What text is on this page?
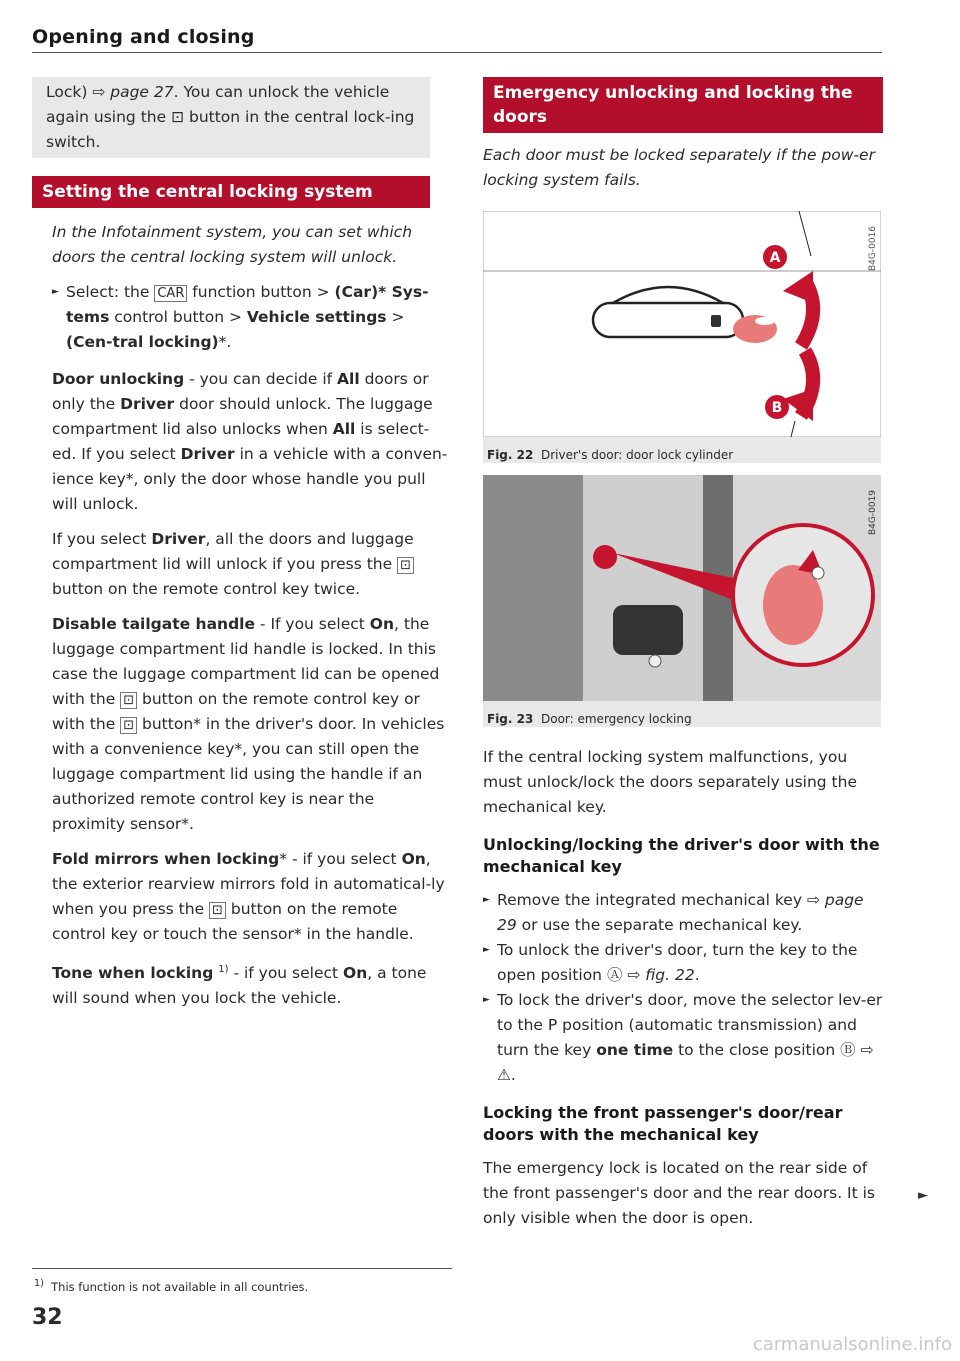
Opening and closing
Lock) ⇨ page 27. You can unlock the vehicle again using the ⊡ button in the central lock-ing switch.
Setting the central locking system
In the Infotainment system, you can set which doors the central locking system will unlock.
► Select: the CAR function button > (Car)* Sys-tems control button > Vehicle settings > (Cen-tral locking)*.

Door unlocking - you can decide if All doors or only the Driver door should unlock. The luggage compartment lid also unlocks when All is select-ed. If you select Driver in a vehicle with a conven-ience key*, only the door whose handle you pull will unlock.

If you select Driver, all the doors and luggage compartment lid will unlock if you press the ⊡ button on the remote control key twice.

Disable tailgate handle - If you select On, the luggage compartment lid handle is locked. In this case the luggage compartment lid can be opened with the ⊡ button on the remote control key or with the ⊡ button* in the driver's door. In vehicles with a convenience key*, you can still open the luggage compartment lid using the handle if an authorized remote control key is near the proximity sensor*.

Fold mirrors when locking* - if you select On, the exterior rearview mirrors fold in automatical-ly when you press the ⊡ button on the remote control key or touch the sensor* in the handle.

Tone when locking $^{1)}$ - if you select On, a tone will sound when you lock the vehicle.

Emergency unlocking and locking the doors
Each door must be locked separately if the pow-er locking system fails.
A
B
B4G-0016
Fig. 22 Driver's door: door lock cylinder
B4G-0019
Fig. 23 Door: emergency locking

If the central locking system malfunctions, you must unlock/lock the doors separately using the mechanical key.

Unlocking/locking the driver's door with the mechanical key
► Remove the integrated mechanical key ⇨ page 29 or use the separate mechanical key.
► To unlock the driver's door, turn the key to the open position Ⓐ ⇨ fig. 22.
► To lock the driver's door, move the selector lev-er to the P position (automatic transmission) and turn the key one time to the close position Ⓑ ⇨ ⚠.
Locking the front passenger's door/rear doors with the mechanical key

The emergency lock is located on the rear side of the front passenger's door and the rear doors. It is only visible when the door is open.

►
$^{1)}$ This function is not available in all countries.
32
carmanualsonline.info
